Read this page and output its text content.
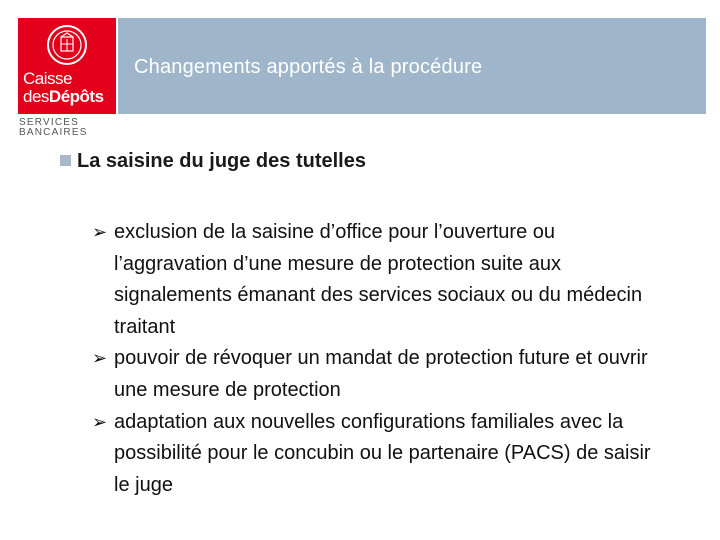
Caisse
desDépôts
SERVICES
BANCAIRES
Changements apportés à la procédure
La saisine du juge des tutelles
➢ exclusion de la saisine d’office pour l’ouverture ou l’aggravation d’une mesure de protection suite aux signalements émanant des services sociaux ou du médecin traitant
➢ pouvoir de révoquer un mandat de protection future et ouvrir une mesure de protection
➢ adaptation aux nouvelles configurations familiales avec la possibilité pour le concubin ou le partenaire (PACS) de saisir le juge
